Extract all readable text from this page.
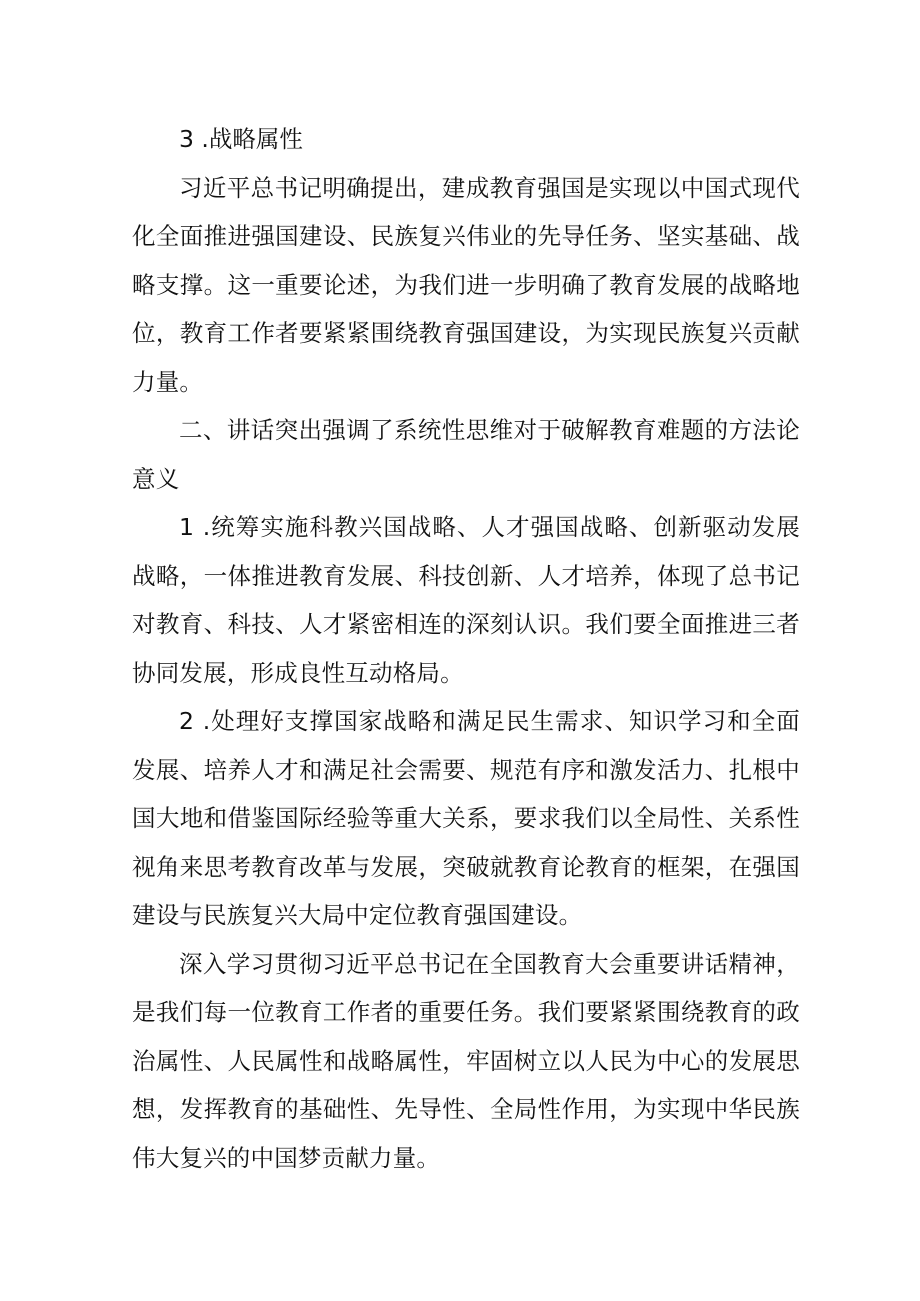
3 .战略属性

习近平总书记明确提出，建成教育强国是实现以中国式现代化全面推进强国建设、民族复兴伟业的先导任务、坚实基础、战略支撑。这一重要论述，为我们进一步明确了教育发展的战略地位，教育工作者要紧紧围绕教育强国建设，为实现民族复兴贡献力量。

二、讲话突出强调了系统性思维对于破解教育难题的方法论意义

1 .统筹实施科教兴国战略、人才强国战略、创新驱动发展战略，一体推进教育发展、科技创新、人才培养，体现了总书记对教育、科技、人才紧密相连的深刻认识。我们要全面推进三者协同发展，形成良性互动格局。

2 .处理好支撑国家战略和满足民生需求、知识学习和全面发展、培养人才和满足社会需要、规范有序和激发活力、扎根中国大地和借鉴国际经验等重大关系，要求我们以全局性、关系性视角来思考教育改革与发展，突破就教育论教育的框架，在强国建设与民族复兴大局中定位教育强国建设。

深入学习贯彻习近平总书记在全国教育大会重要讲话精神，是我们每一位教育工作者的重要任务。我们要紧紧围绕教育的政治属性、人民属性和战略属性，牢固树立以人民为中心的发展思想，发挥教育的基础性、先导性、全局性作用，为实现中华民族伟大复兴的中国梦贡献力量。
